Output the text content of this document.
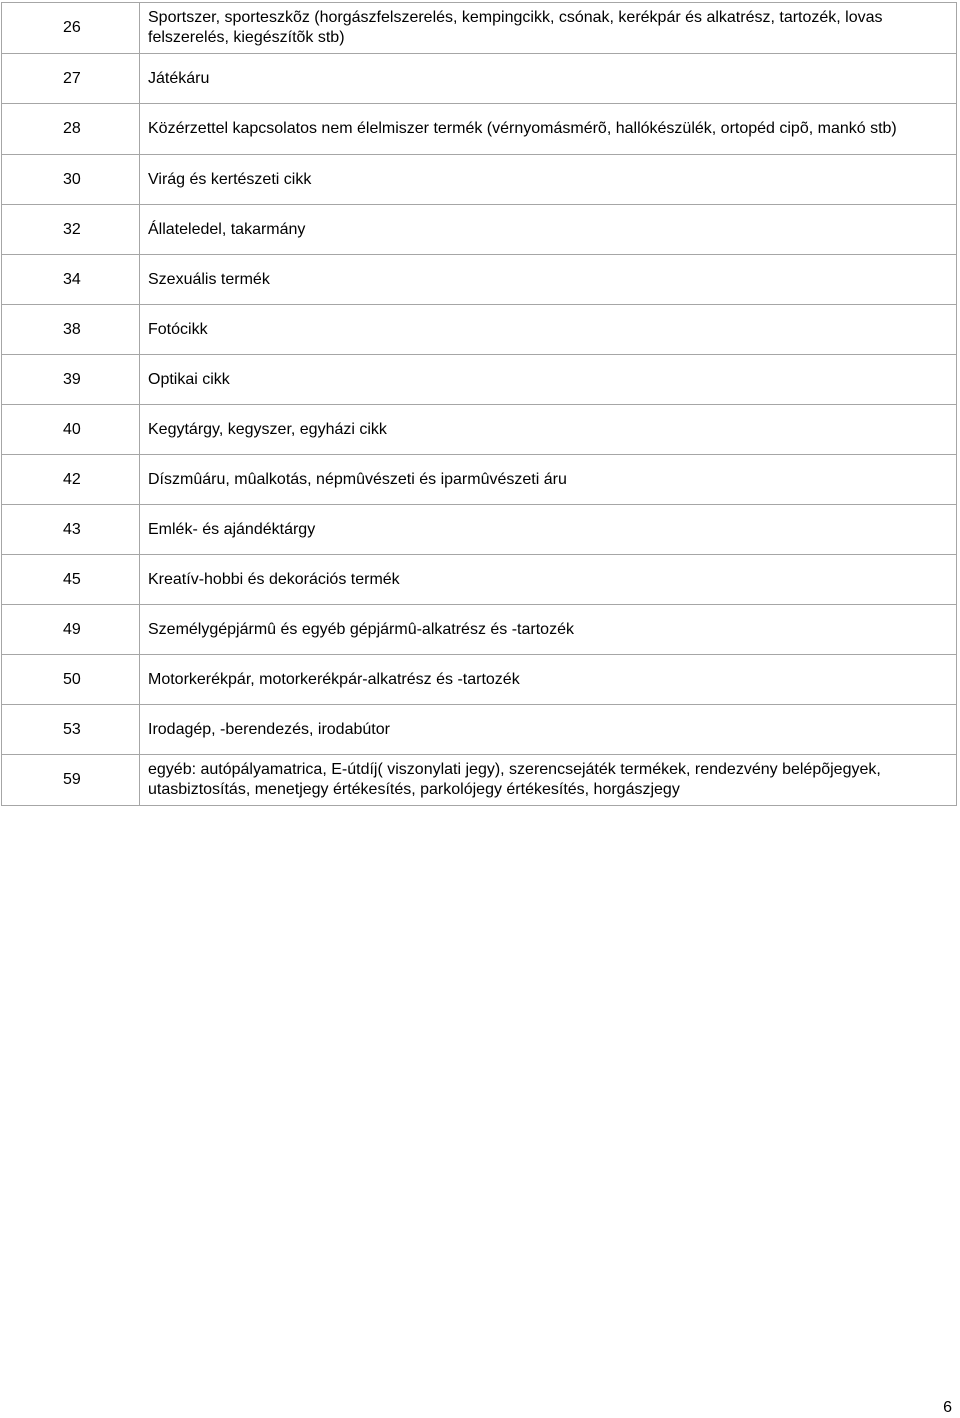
26	Sportszer, sporteszkõz (horgászfelszerelés, kempingcikk, csónak, kerékpár és alkatrész, tartozék, lovas felszerelés, kiegészítõk stb)
27	Játékáru
28	Közérzettel kapcsolatos nem élelmiszer termék (vérnyomásmérõ, hallókészülék, ortopéd cipõ, mankó stb)
30	Virág és kertészeti cikk
32	Állateledel, takarmány
34	Szexuális termék
38	Fotócikk
39	Optikai cikk
40	Kegytárgy, kegyszer, egyházi cikk
42	Díszmûáru, mûalkotás, népmûvészeti és iparmûvészeti áru
43	Emlék- és ajándéktárgy
45	Kreatív-hobbi és dekorációs termék
49	Személygépjármû és egyéb gépjármû-alkatrész és -tartozék
50	Motorkerékpár, motorkerékpár-alkatrész és -tartozék
53	Irodagép, -berendezés, irodabútor
59	egyéb: autópályamatrica, E-útdíj( viszonylati jegy), szerencsejáték termékek, rendezvény belépõjegyek, utasbiztosítás, menetjegy értékesítés, parkolójegy értékesítés, horgászjegy
6
